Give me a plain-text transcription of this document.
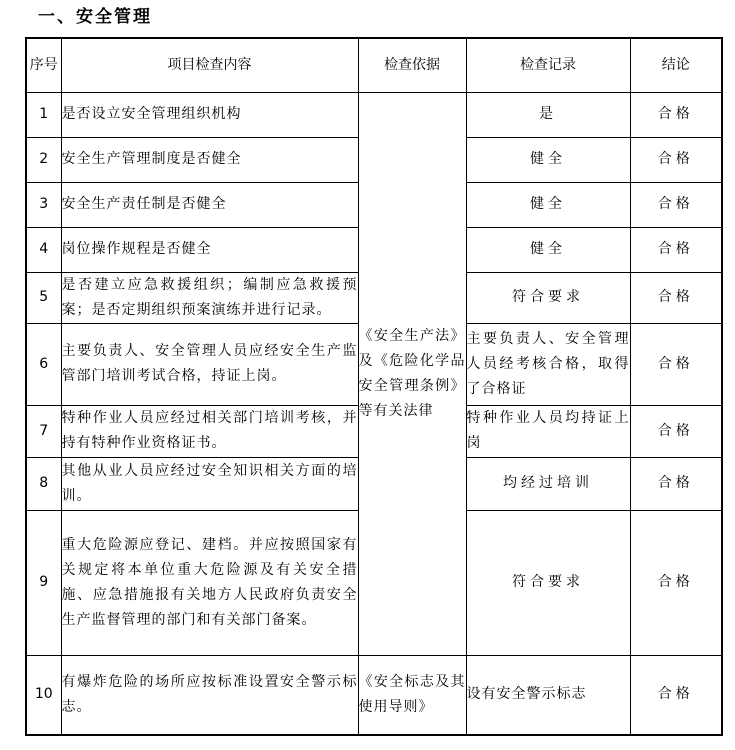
一、安全管理
序号	项目检查内容	检查依据	检查记录	结论
1	是否设立安全管理组织机构	《安全生产法》及《危险化学品安全管理条例》等有关法律	是	合格
2	安全生产管理制度是否健全		健全	合格
3	安全生产责任制是否健全		健全	合格
4	岗位操作规程是否健全		健全	合格
5	是否建立应急救援组织；编制应急救援预案；是否定期组织预案演练并进行记录。		符合要求	合格
6	主要负责人、安全管理人员应经安全生产监管部门培训考试合格，持证上岗。		主要负责人、安全管理人员经考核合格，取得了合格证	合格
7	特种作业人员应经过相关部门培训考核，并持有特种作业资格证书。		特种作业人员均持证上岗	合格
8	其他从业人员应经过安全知识相关方面的培训。		均经过培训	合格
9	重大危险源应登记、建档。并应按照国家有关规定将本单位重大危险源及有关安全措施、应急措施报有关地方人民政府负责安全生产监督管理的部门和有关部门备案。		符合要求	合格
10	有爆炸危险的场所应按标准设置安全警示标志。	《安全标志及其使用导则》	设有安全警示标志	合格
